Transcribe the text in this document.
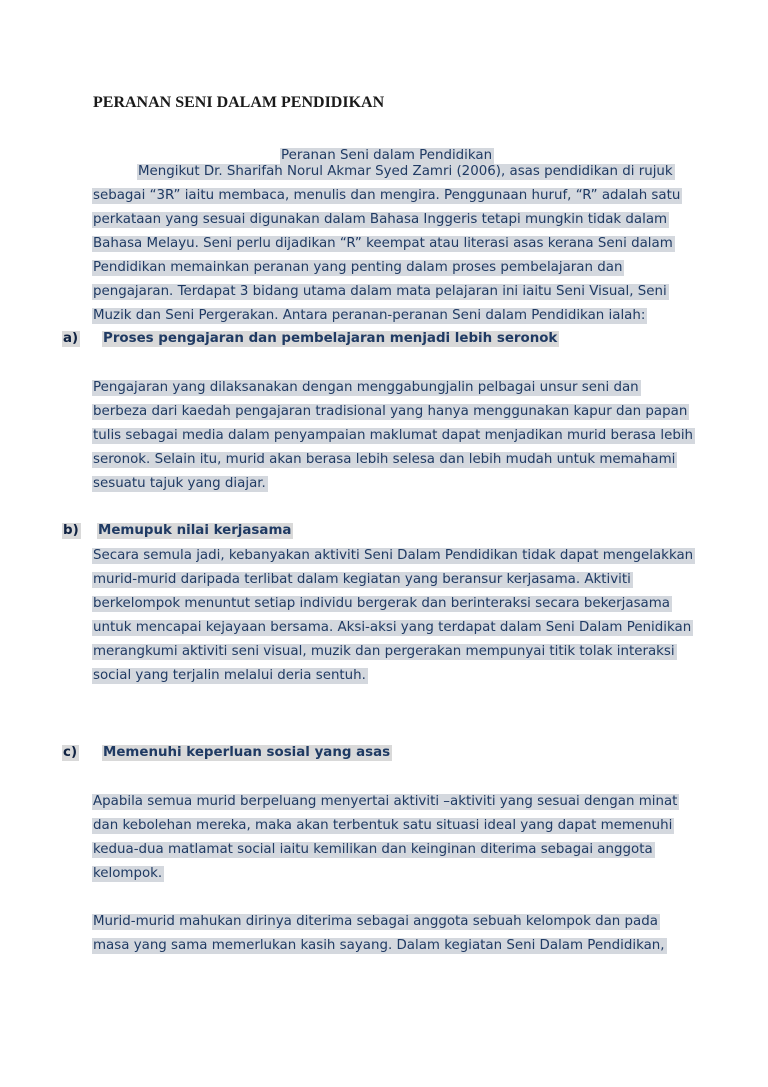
PERANAN SENI DALAM PENDIDIKAN
Peranan Seni dalam Pendidikan
Mengikut Dr. Sharifah Norul Akmar Syed Zamri (2006), asas pendidikan di rujuk
sebagai “3R” iaitu membaca, menulis dan mengira. Penggunaan huruf, “R” adalah satu
perkataan yang sesuai digunakan dalam Bahasa Inggeris tetapi mungkin tidak dalam
Bahasa Melayu. Seni perlu dijadikan “R” keempat atau literasi asas kerana Seni dalam
Pendidikan memainkan peranan yang penting dalam proses pembelajaran dan
pengajaran. Terdapat 3 bidang utama dalam mata pelajaran ini iaitu Seni Visual, Seni
Muzik dan Seni Pergerakan. Antara peranan-peranan Seni dalam Pendidikan ialah:
a) Proses pengajaran dan pembelajaran menjadi lebih seronok
Pengajaran yang dilaksanakan dengan menggabungjalin pelbagai unsur seni dan
berbeza dari kaedah pengajaran tradisional yang hanya menggunakan kapur dan papan
tulis sebagai media dalam penyampaian maklumat dapat menjadikan murid berasa lebih
seronok. Selain itu, murid akan berasa lebih selesa dan lebih mudah untuk memahami
sesuatu tajuk yang diajar.
b) Memupuk nilai kerjasama
Secara semula jadi, kebanyakan aktiviti Seni Dalam Pendidikan tidak dapat mengelakkan
murid-murid daripada terlibat dalam kegiatan yang beransur kerjasama. Aktiviti
berkelompok menuntut setiap individu bergerak dan berinteraksi secara bekerjasama
untuk mencapai kejayaan bersama. Aksi-aksi yang terdapat dalam Seni Dalam Penidikan
merangkumi aktiviti seni visual, muzik dan pergerakan mempunyai titik tolak interaksi
social yang terjalin melalui deria sentuh.
c) Memenuhi keperluan sosial yang asas
Apabila semua murid berpeluang menyertai aktiviti –aktiviti yang sesuai dengan minat
dan kebolehan mereka, maka akan terbentuk satu situasi ideal yang dapat memenuhi
kedua-dua matlamat social iaitu kemilikan dan keinginan diterima sebagai anggota
kelompok.
Murid-murid mahukan dirinya diterima sebagai anggota sebuah kelompok dan pada
masa yang sama memerlukan kasih sayang. Dalam kegiatan Seni Dalam Pendidikan,
